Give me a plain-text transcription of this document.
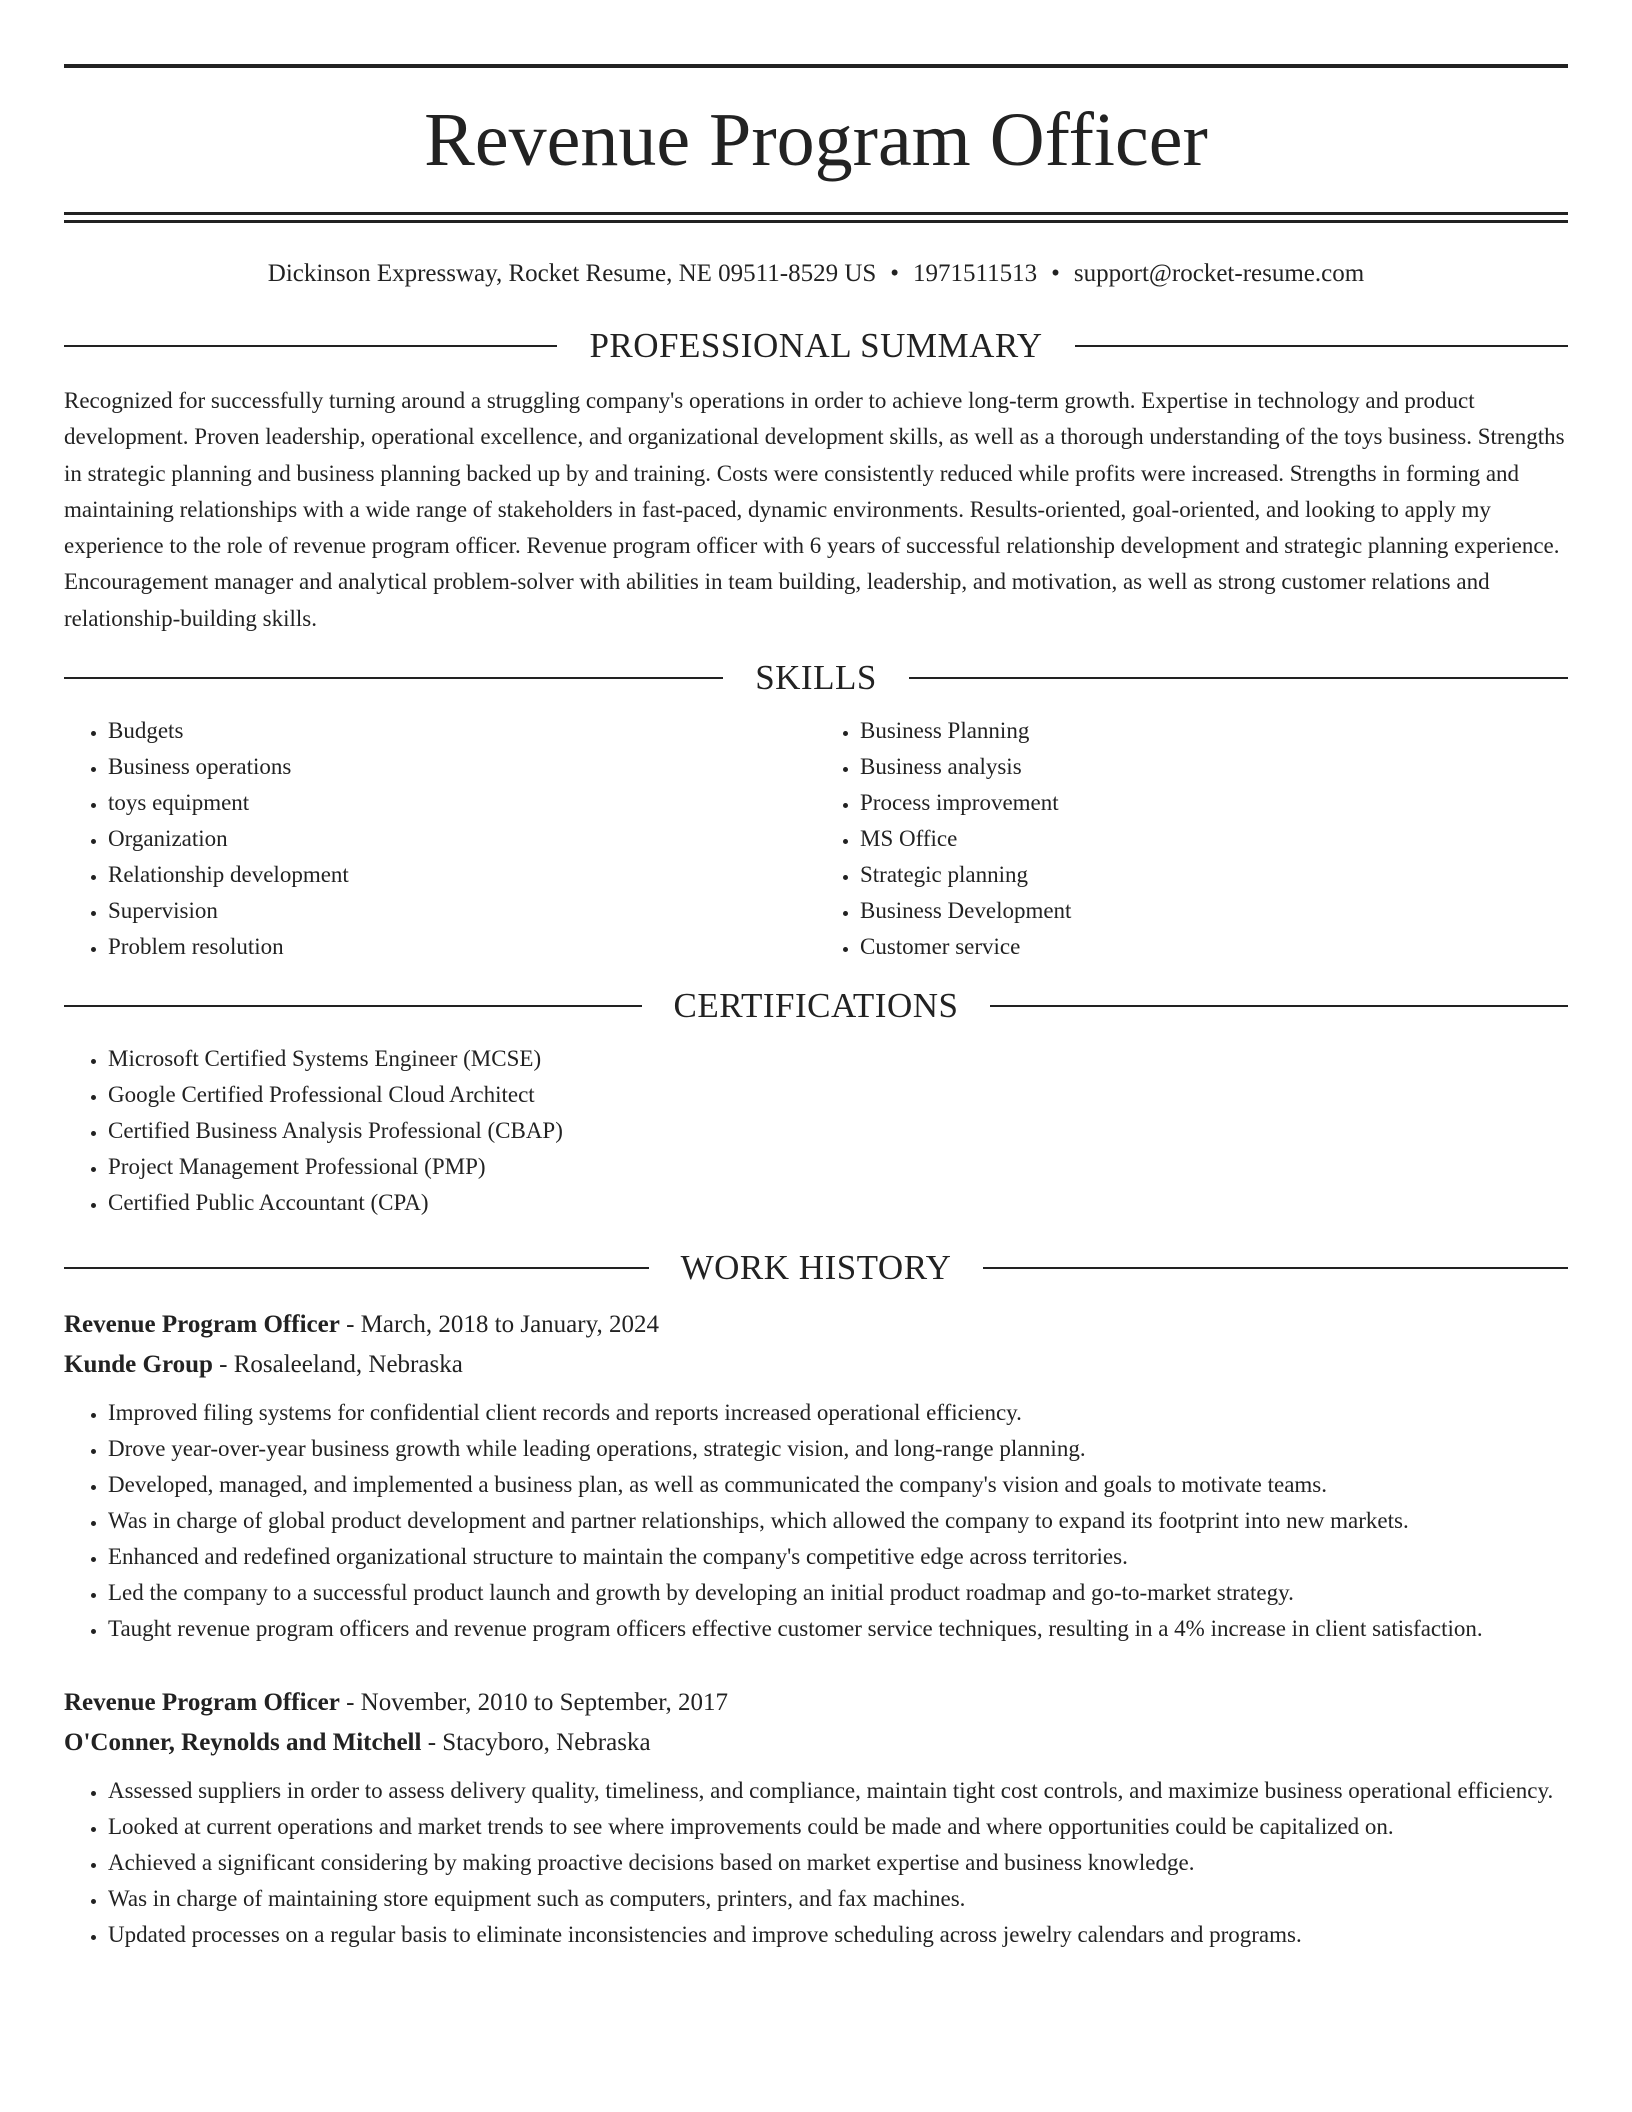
Revenue Program Officer
Dickinson Expressway, Rocket Resume, NE 09511-8529 US • 1971511513 • support@rocket-resume.com
PROFESSIONAL SUMMARY

Recognized for successfully turning around a struggling company's operations in order to achieve long-term growth. Expertise in technology and product development. Proven leadership, operational excellence, and organizational development skills, as well as a thorough understanding of the toys business. Strengths in strategic planning and business planning backed up by and training. Costs were consistently reduced while profits were increased. Strengths in forming and maintaining relationships with a wide range of stakeholders in fast-paced, dynamic environments. Results-oriented, goal-oriented, and looking to apply my experience to the role of revenue program officer. Revenue program officer with 6 years of successful relationship development and strategic planning experience. Encouragement manager and analytical problem-solver with abilities in team building, leadership, and motivation, as well as strong customer relations and relationship-building skills.

SKILLS
• Budgets
• Business operations
• toys equipment
• Organization
• Relationship development
• Supervision
• Problem resolution
• Business Planning
• Business analysis
• Process improvement
• MS Office
• Strategic planning
• Business Development
• Customer service
CERTIFICATIONS
• Microsoft Certified Systems Engineer (MCSE)
• Google Certified Professional Cloud Architect
• Certified Business Analysis Professional (CBAP)
• Project Management Professional (PMP)
• Certified Public Accountant (CPA)
WORK HISTORY
Revenue Program Officer - March, 2018 to January, 2024
Kunde Group - Rosaleeland, Nebraska
• Improved filing systems for confidential client records and reports increased operational efficiency.
• Drove year-over-year business growth while leading operations, strategic vision, and long-range planning.
• Developed, managed, and implemented a business plan, as well as communicated the company's vision and goals to motivate teams.
• Was in charge of global product development and partner relationships, which allowed the company to expand its footprint into new markets.
• Enhanced and redefined organizational structure to maintain the company's competitive edge across territories.
• Led the company to a successful product launch and growth by developing an initial product roadmap and go-to-market strategy.
• Taught revenue program officers and revenue program officers effective customer service techniques, resulting in a 4% increase in client satisfaction.
Revenue Program Officer - November, 2010 to September, 2017
O'Conner, Reynolds and Mitchell - Stacyboro, Nebraska
• Assessed suppliers in order to assess delivery quality, timeliness, and compliance, maintain tight cost controls, and maximize business operational efficiency.
• Looked at current operations and market trends to see where improvements could be made and where opportunities could be capitalized on.
• Achieved a significant considering by making proactive decisions based on market expertise and business knowledge.
• Was in charge of maintaining store equipment such as computers, printers, and fax machines.
• Updated processes on a regular basis to eliminate inconsistencies and improve scheduling across jewelry calendars and programs.
